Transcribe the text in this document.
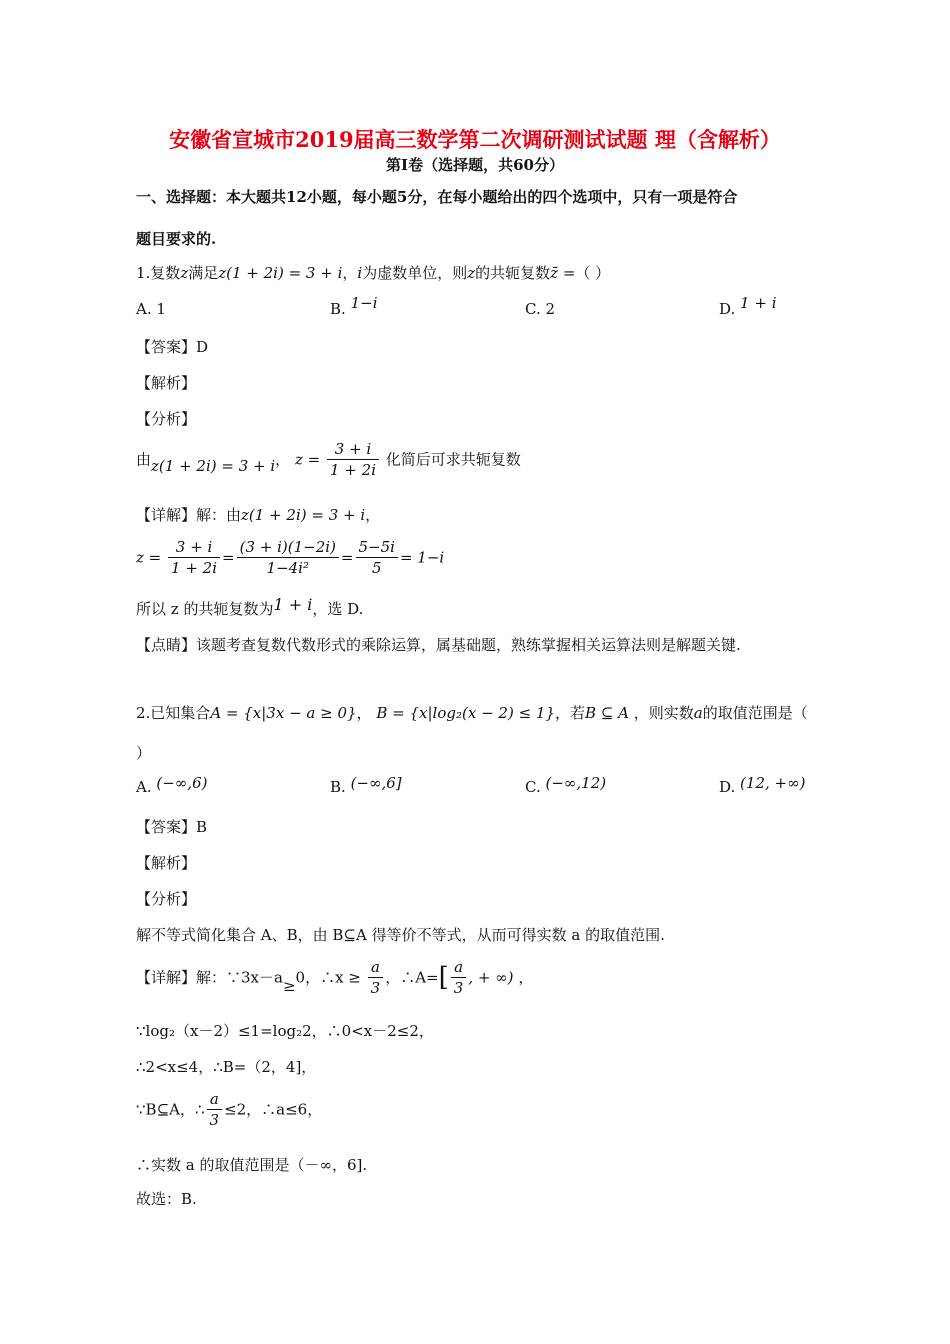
安徽省宣城市2019届高三数学第二次调研测试试题 理（含解析）
第Ⅰ卷（选择题，共60分）
一、选择题：本大题共12小题，每小题5分，在每小题给出的四个选项中，只有一项是符合
题目要求的.
1.复数z满足z(1 + 2i) = 3 + i，i为虚数单位，则z的共轭复数z̄ =（ ）
A. 1	B. 1−i	C. 2	D. 1 + i
【答案】D
【解析】
【分析】
由z(1 + 2i) = 3 + i， $z = \frac{3 + i}{1 + 2i}$ 化简后可求共轭复数
【详解】解：由z(1 + 2i) = 3 + i，
$z = \frac{3 + i}{1 + 2i} = \frac{(3 + i)(1-2i)}{\text{1−4i²}} = \frac{5-5i}{5} = 1-i$
所以 z 的共轭复数为1 + i，选 D.
【点睛】该题考查复数代数形式的乘除运算，属基础题，熟练掌握相关运算法则是解题关键.
2.已知集合A = {x|3x − a ≥ 0}， B = {x|log₂(x − 2) ≤ 1}，若B ⊆ A ，则实数a的取值范围是（
）
A. (−∞,6)	B. (−∞,6]	C. (−∞,12)	D. (12, +∞)
【答案】B
【解析】
【分析】
解不等式简化集合 A、B，由 B⊆A 得等价不等式，从而可得实数 a 的取值范围.
【详解】解：∵3x－a≥0，∴x ≥ $\frac{a}{3}$ ，∴A=[ $\frac{a}{3}$ , + ∞) ，
∵log₂（x－2）≤1=log₂2，∴0<x－2≤2，
∴2<x≤4，∴B=（2，4]，
∵B⊆A，∴ $\frac{a}{3} \le 2$，∴a≤6，
∴实数 a 的取值范围是（－∞，6].
故选：B.
